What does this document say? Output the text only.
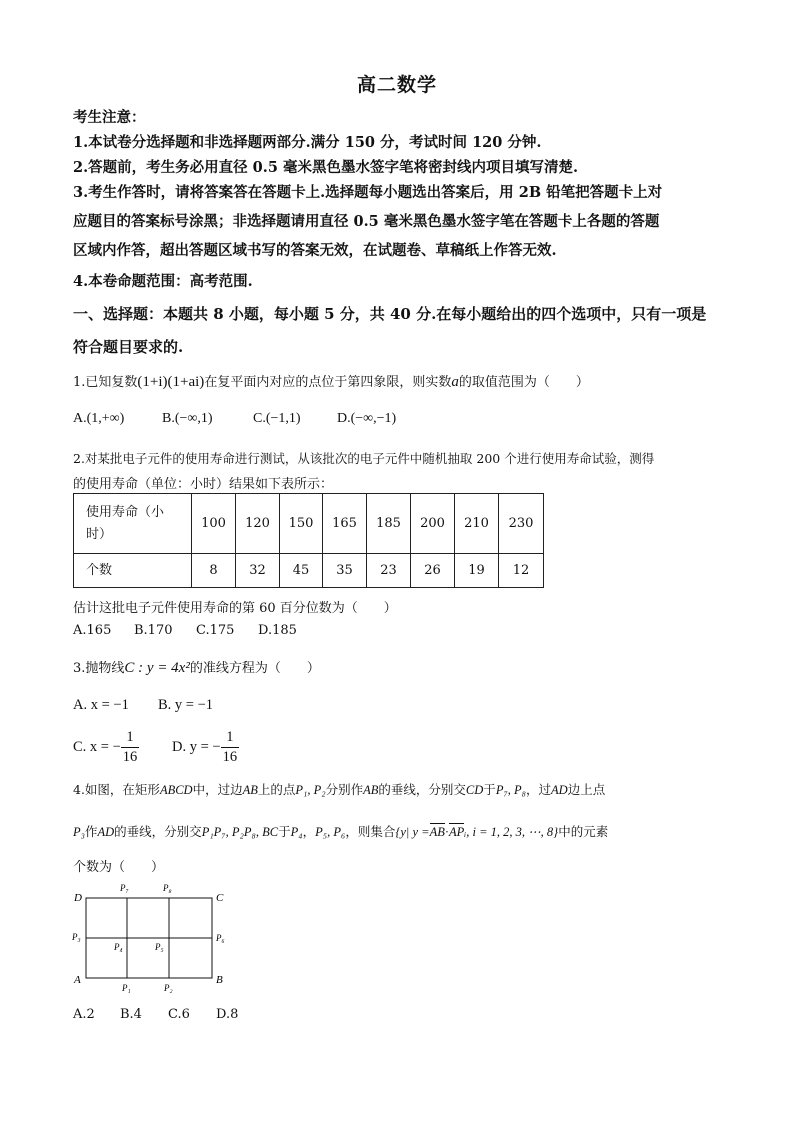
高二数学
考生注意：
1.本试卷分选择题和非选择题两部分.满分 150 分，考试时间 120 分钟.
2.答题前，考生务必用直径 0.5 毫米黑色墨水签字笔将密封线内项目填写清楚.
3.考生作答时，请将答案答在答题卡上.选择题每小题选出答案后，用 2B 铅笔把答题卡上对
应题目的答案标号涂黑；非选择题请用直径 0.5 毫米黑色墨水签字笔在答题卡上各题的答题
区域内作答，超出答题区域书写的答案无效，在试题卷、草稿纸上作答无效.
4.本卷命题范围：高考范围.
一、选择题：本题共 8 小题，每小题 5 分，共 40 分.在每小题给出的四个选项中，只有一项是
符合题目要求的.
1.已知复数(1+i)(1+ai)在复平面内对应的点位于第四象限，则实数a的取值范围为（　　）
A.(1,+∞)	B.(−∞,1)	C.(−1,1)	D.(−∞,−1)
2.对某批电子元件的使用寿命进行测试，从该批次的电子元件中随机抽取 200 个进行使用寿命试验，测得
的使用寿命（单位：小时）结果如下表所示：
使用寿命（小
时）	100	120	150	165	185	200	210	230
个数	8	32	45	35	23	26	19	12
估计这批电子元件使用寿命的第 60 百分位数为（　　）
A.165 B.170 C.175 D.185
3.抛物线C : y = 4x²的准线方程为（　　）
A. x = −1 B. y = −1
C. x = − $\frac{1}{16} D$. y = − $\frac{1}{16}$
4.如图，在矩形ABCD中，过边AB上的点P₁, P₂分别作AB的垂线，分别交CD于P₇, P₈，过AD边上点
P₃作AD的垂线，分别交P₁P₇, P₂P₈, BC于P₄，P₅, P₆，则集合{y| y =AB·APᵢ, i = 1, 2, 3, ⋯, 8}中的元素
个数为（　　）
D	C
A	B
P₇	P₈
P₃
P₄	P₅
P₆
P₁	P₂
A.2 B.4 C.6 D.8
